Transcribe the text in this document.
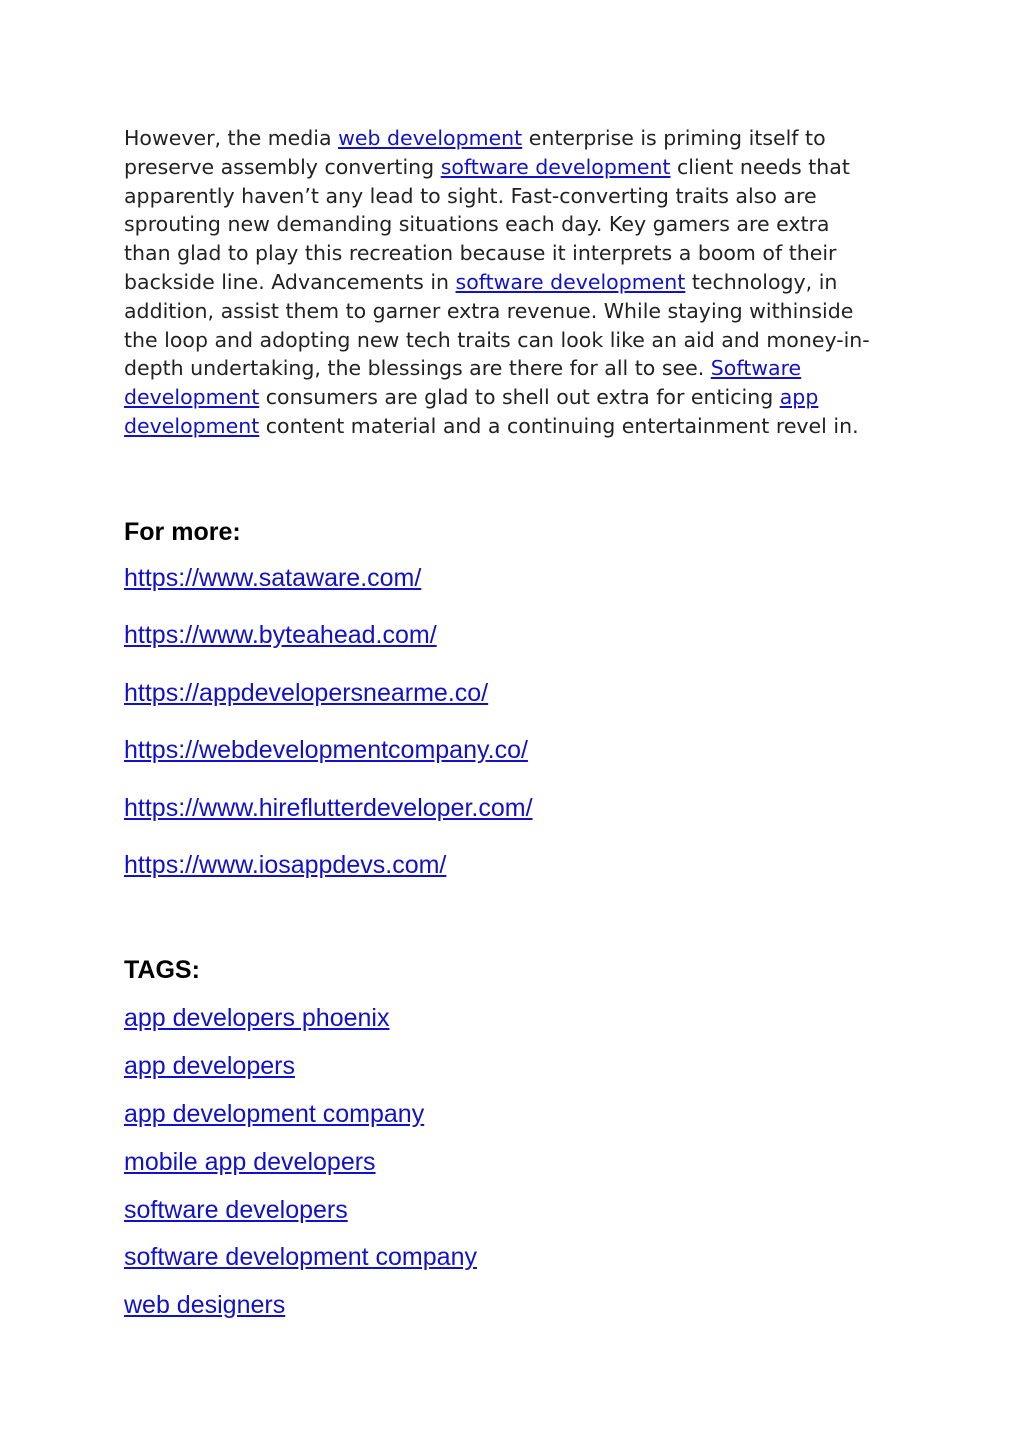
However, the media web development enterprise is priming itself to
preserve assembly converting software development client needs that
apparently haven’t any lead to sight. Fast-converting traits also are
sprouting new demanding situations each day. Key gamers are extra
than glad to play this recreation because it interprets a boom of their
backside line. Advancements in software development technology, in
addition, assist them to garner extra revenue. While staying withinside
the loop and adopting new tech traits can look like an aid and money-in-
depth undertaking, the blessings are there for all to see. Software
development consumers are glad to shell out extra for enticing app
development content material and a continuing entertainment revel in.

For more:

https://www.sataware.com/

https://www.byteahead.com/

https://appdevelopersnearme.co/

https://webdevelopmentcompany.co/

https://www.hireflutterdeveloper.com/

https://www.iosappdevs.com/

TAGS:

app developers phoenix

app developers

app development company

mobile app developers

software developers

software development company

web designers
